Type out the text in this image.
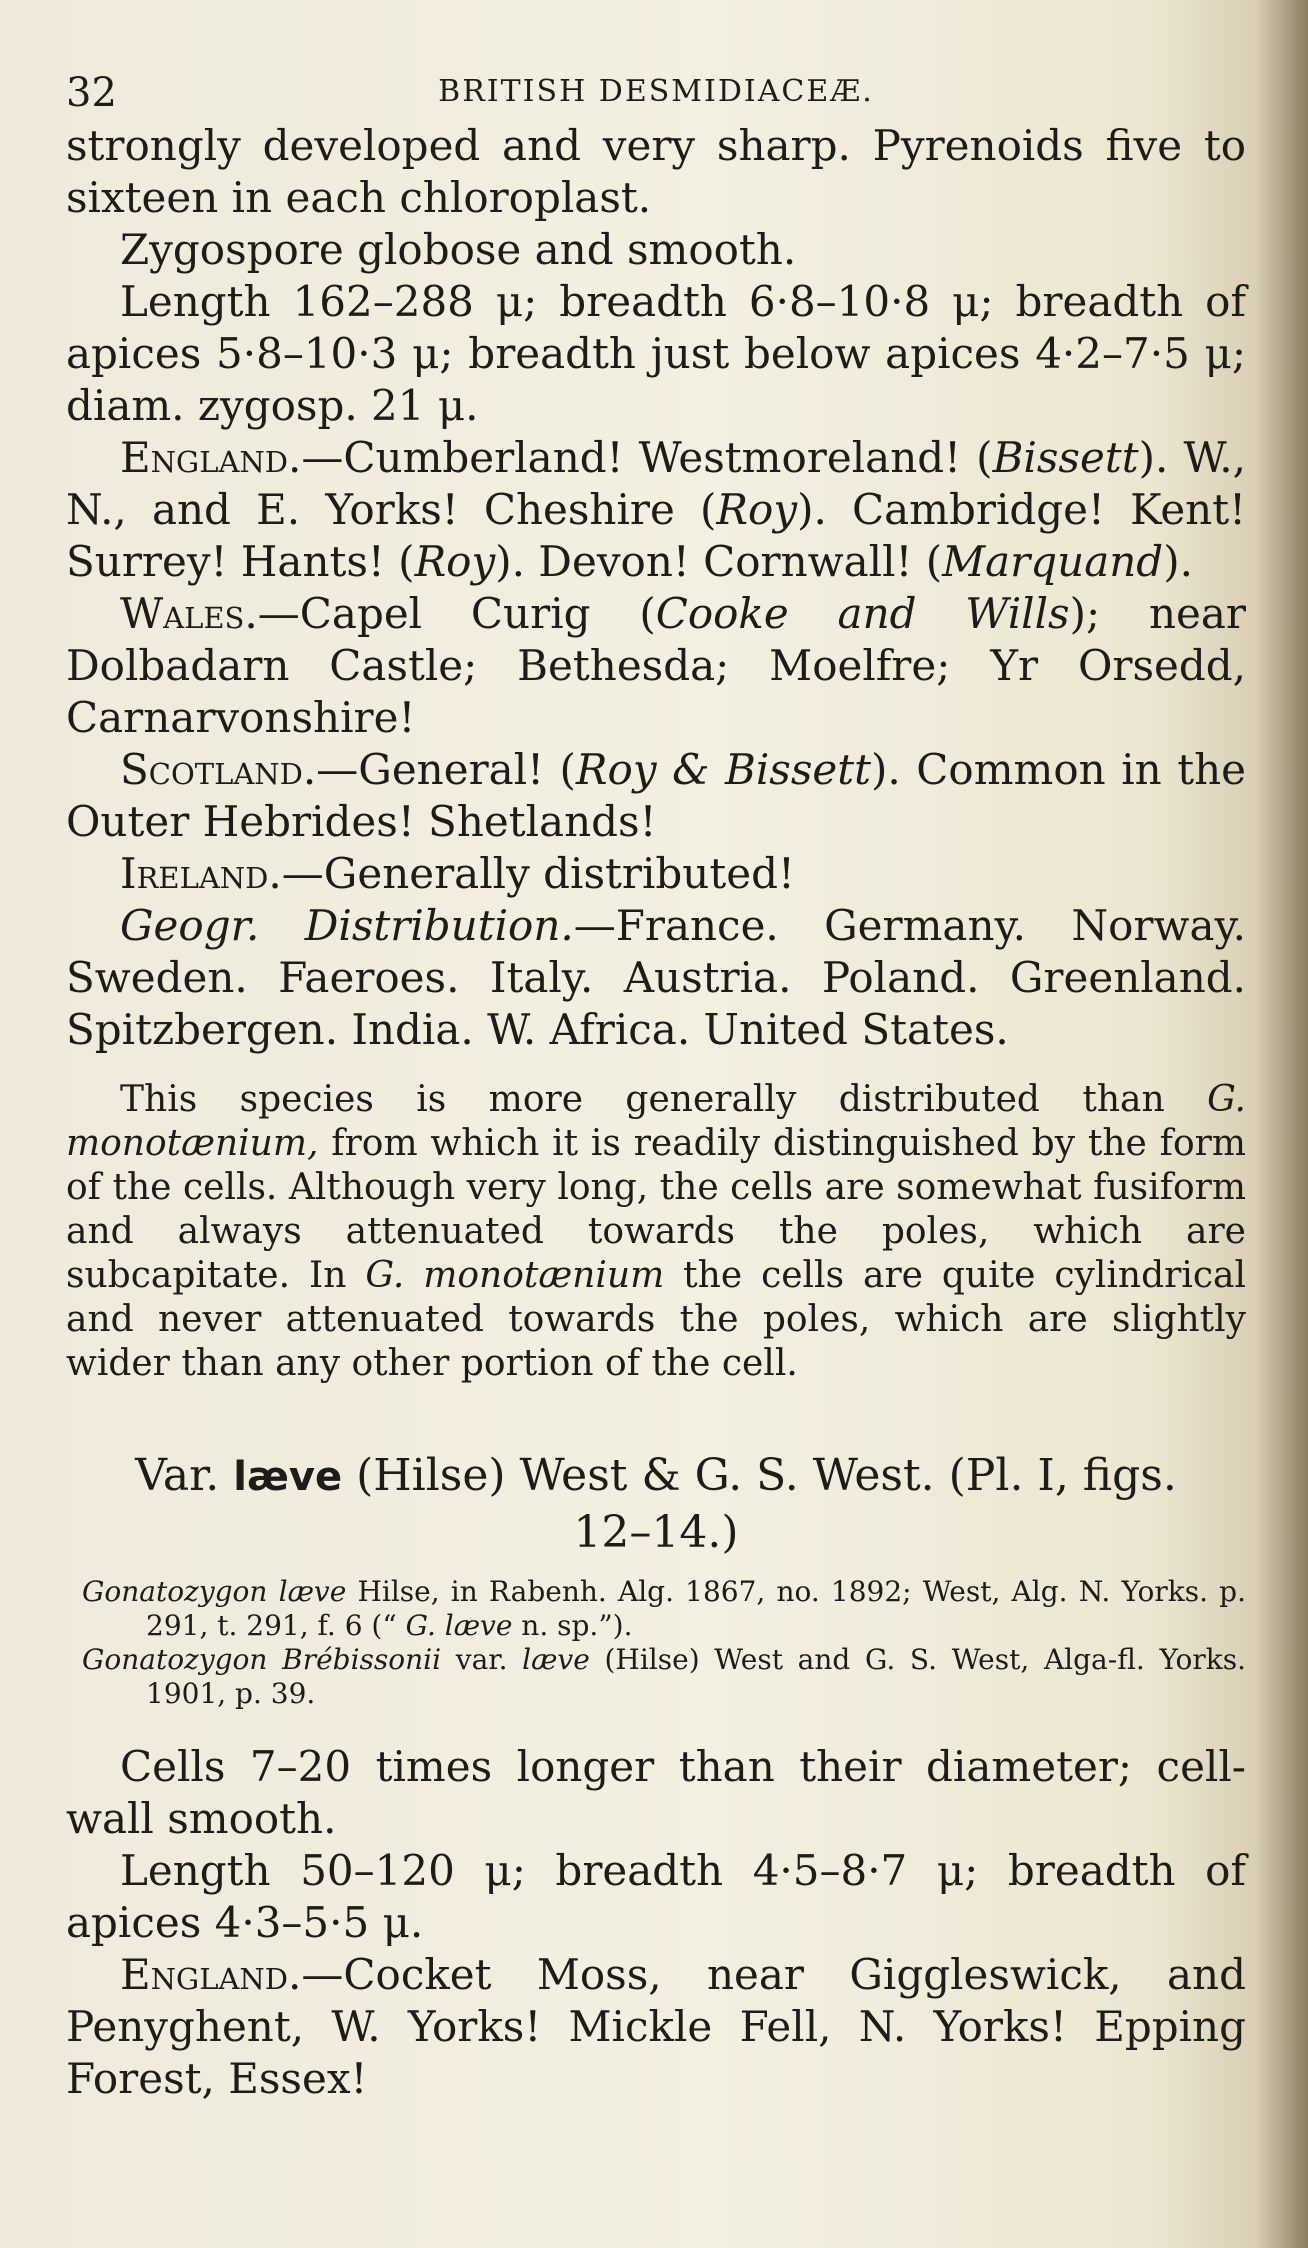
32	BRITISH DESMIDIACEÆ.

strongly developed and very sharp. Pyrenoids five to sixteen in each chloroplast.

Zygospore globose and smooth.

Length 162–288 μ; breadth 6·8–10·8 μ; breadth of apices 5·8–10·3 μ; breadth just below apices 4·2–7·5 μ; diam. zygosp. 21 μ.

England.—Cumberland! Westmoreland! (Bissett). W., N., and E. Yorks! Cheshire (Roy). Cambridge! Kent! Surrey! Hants! (Roy). Devon! Cornwall! (Marquand).

Wales.—Capel Curig (Cooke and Wills); near Dolbadarn Castle; Bethesda; Moelfre; Yr Orsedd, Carnarvonshire!

Scotland.—General! (Roy & Bissett). Common in the Outer Hebrides! Shetlands!

Ireland.—Generally distributed!

Geogr. Distribution.—France. Germany. Norway. Sweden. Faeroes. Italy. Austria. Poland. Greenland. Spitzbergen. India. W. Africa. United States.

This species is more generally distributed than G. monotænium, from which it is readily distinguished by the form of the cells. Although very long, the cells are somewhat fusiform and always attenuated towards the poles, which are subcapitate. In G. monotænium the cells are quite cylindrical and never attenuated towards the poles, which are slightly wider than any other portion of the cell.

Var. læve (Hilse) West & G. S. West. (Pl. I, figs. 12–14.)

Gonatozygon læve Hilse, in Rabenh. Alg. 1867, no. 1892; West, Alg. N. Yorks. p. 291, t. 291, f. 6 (“ G. læve n. sp.”).

Gonatozygon Brébissonii var. læve (Hilse) West and G. S. West, Alga-fl. Yorks. 1901, p. 39.

Cells 7–20 times longer than their diameter; cell-wall smooth.

Length 50–120 μ; breadth 4·5–8·7 μ; breadth of apices 4·3–5·5 μ.

England.—Cocket Moss, near Giggleswick, and Penyghent, W. Yorks! Mickle Fell, N. Yorks! Epping Forest, Essex!
